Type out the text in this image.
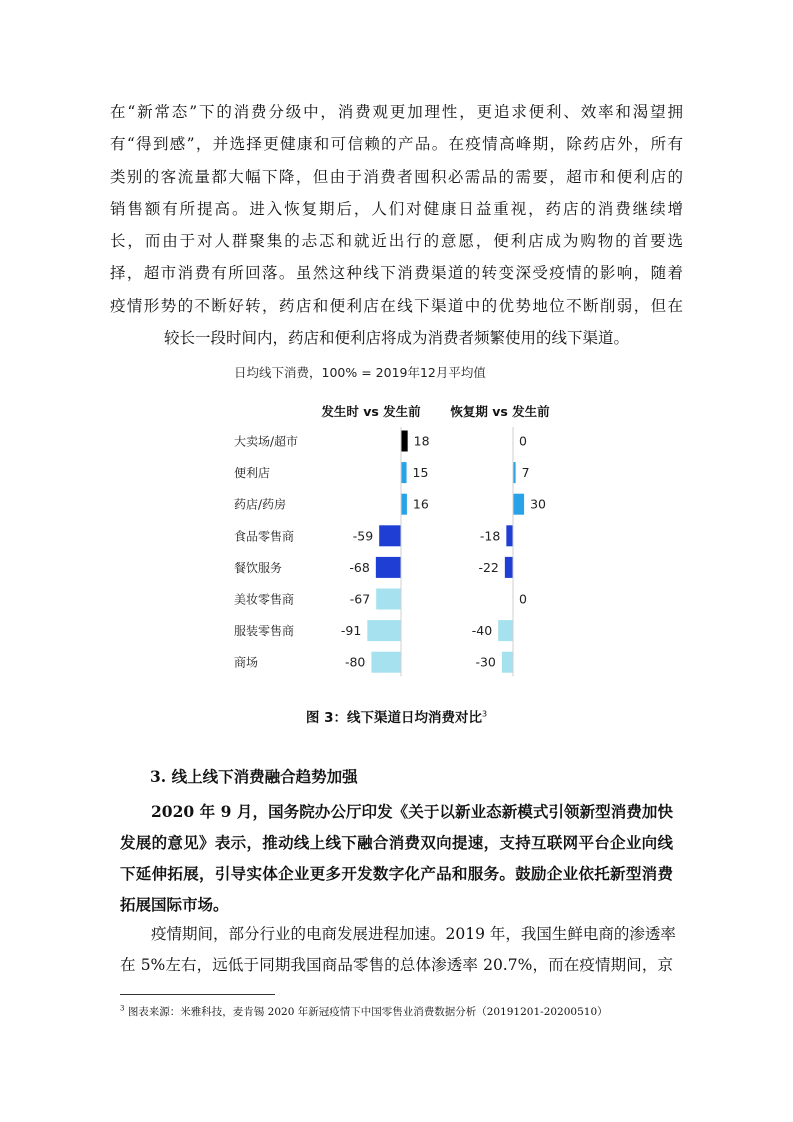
在“新常态”下的消费分级中，消费观更加理性，更追求便利、效率和渴望拥
有“得到感”，并选择更健康和可信赖的产品。在疫情高峰期，除药店外，所有
类别的客流量都大幅下降，但由于消费者囤积必需品的需要，超市和便利店的
销售额有所提高。进入恢复期后，人们对健康日益重视，药店的消费继续增
长，而由于对人群聚集的忐忑和就近出行的意愿，便利店成为购物的首要选
择，超市消费有所回落。虽然这种线下消费渠道的转变深受疫情的影响，随着
疫情形势的不断好转，药店和便利店在线下渠道中的优势地位不断削弱，但在
较长一段时间内，药店和便利店将成为消费者频繁使用的线下渠道。
日均线下消费，100% = 2019年12月平均值
发生时 vs 发生前 恢复期 vs 发生前
大卖场/超市	18	0
便利店	15	7
药店/药房	16	30
食品零售商	-59	-18
餐饮服务	-68	-22
美妆零售商	-67	0
服装零售商	-91	-40
商场	-80	-30
图 3：线下渠道日均消费对比$^3$
3. 线上线下消费融合趋势加强
2020 年 9 月，国务院办公厅印发《关于以新业态新模式引领新型消费加快
发展的意见》表示，推动线上线下融合消费双向提速，支持互联网平台企业向线
下延伸拓展，引导实体企业更多开发数字化产品和服务。鼓励企业依托新型消费
拓展国际市场。
疫情期间，部分行业的电商发展进程加速。2019 年，我国生鲜电商的渗透率
在 5%左右，远低于同期我国商品零售的总体渗透率 20.7%，而在疫情期间，京
$^3$ 图表来源：米雅科技，麦肯锡 2020 年新冠疫情下中国零售业消费数据分析（20191201-20200510）
